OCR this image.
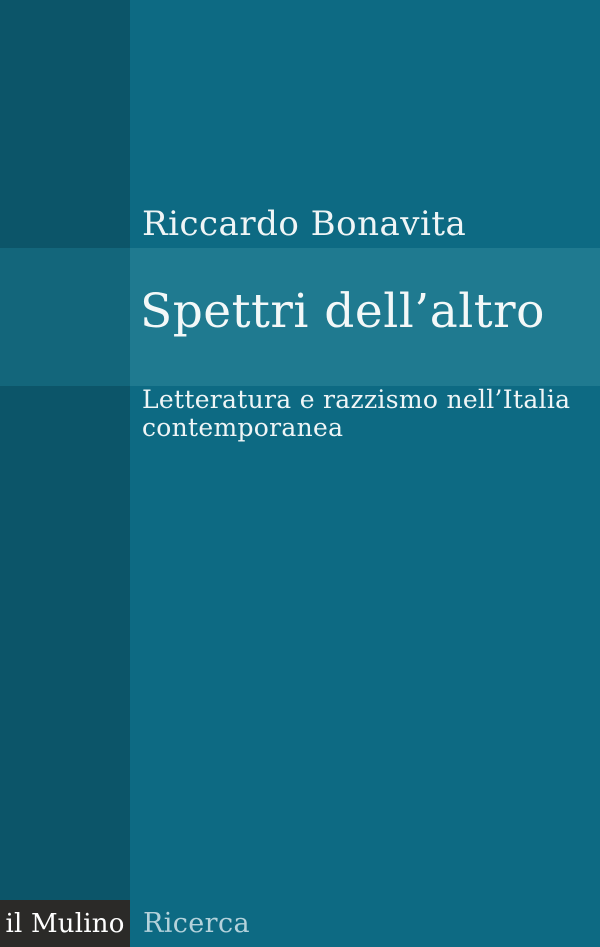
Riccardo Bonavita
Spettri dell’altro
Letteratura e razzismo nell’Italia
contemporanea
il Mulino Ricerca
